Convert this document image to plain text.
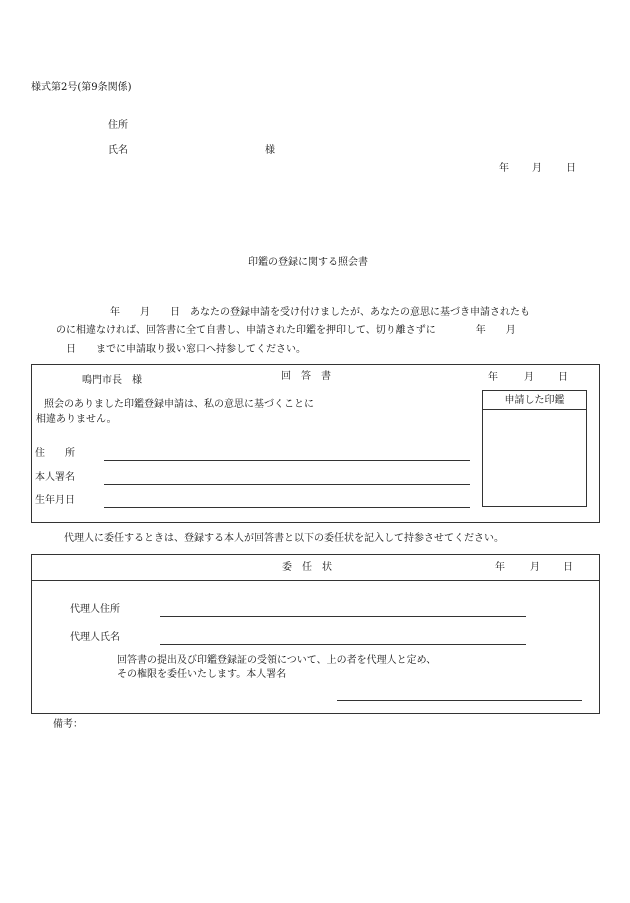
様式第2号(第9条関係)
住所
氏名	様
年 月 日
印鑑の登録に関する照会書
年　　月　　日　あなたの登録申請を受け付けましたが、あなたの意思に基づき申請されたも
のに相違なければ、回答書に全て自書し、申請された印鑑を押印して、切り離さずに　　　　年　　月
日　　までに申請取り扱い窓口へ持参してください。
鳴門市長　様	回　答　書	年	月 日
照会のありました印鑑登録申請は、私の意思に基づくことに
相違ありません。
申請した印鑑
住　　所
本人署名
生年月日
代理人に委任するときは、登録する本人が回答書と以下の委任状を記入して持参させてください。
委　任　状	年	月 日
代理人住所
代理人氏名
回答書の提出及び印鑑登録証の受領について、上の者を代理人と定め、
その権限を委任いたします。本人署名
備考：
